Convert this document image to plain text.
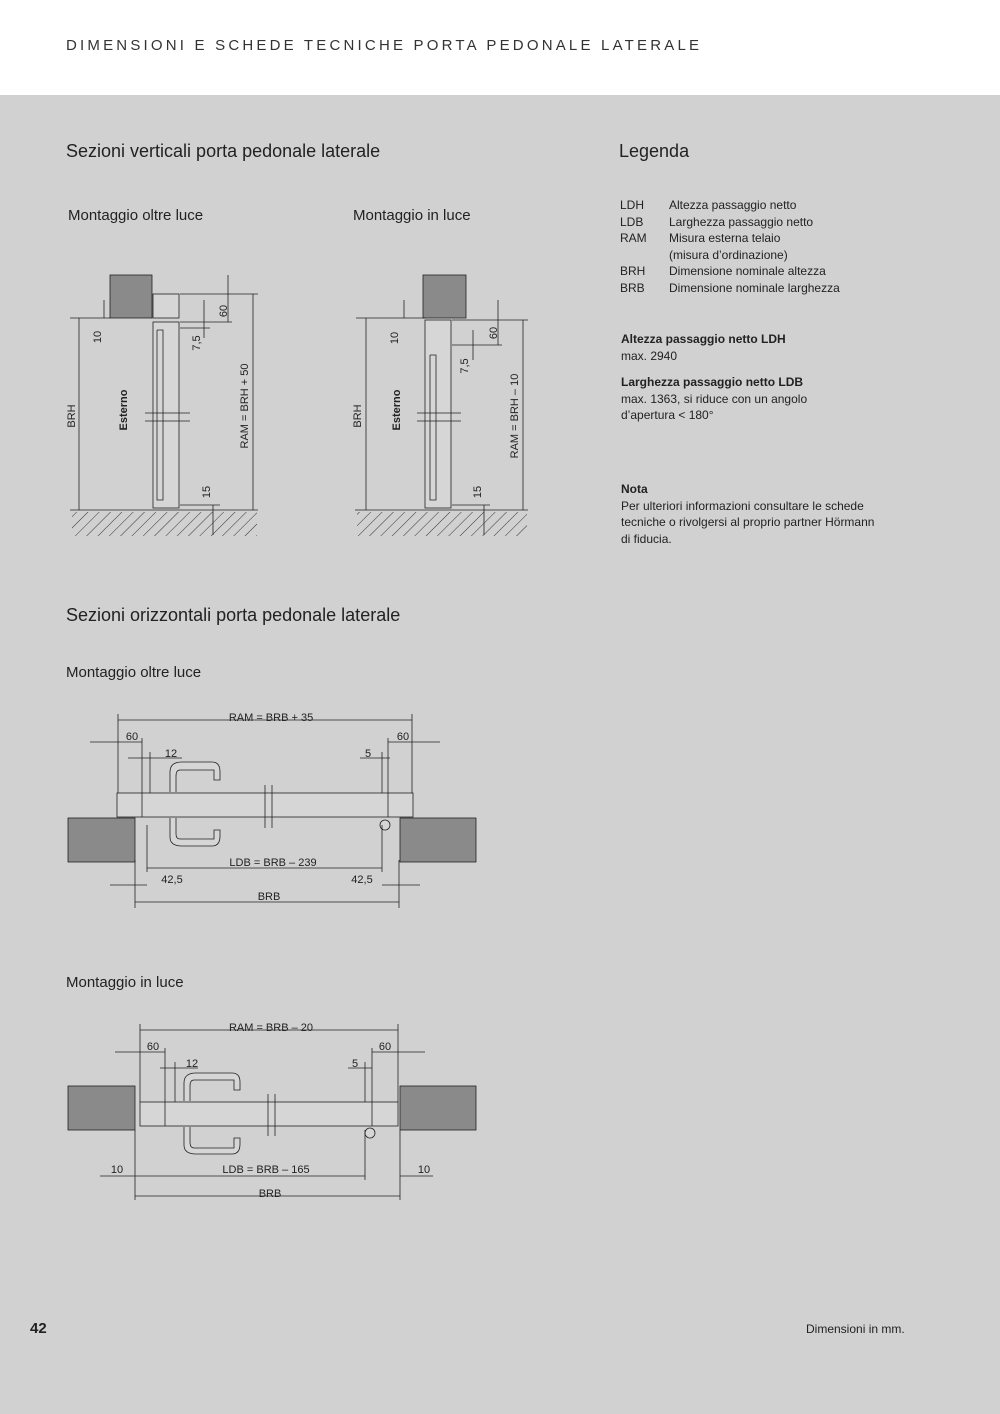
DIMENSIONI E SCHEDE TECNICHE PORTA PEDONALE LATERALE
Sezioni verticali porta pedonale laterale
Montaggio oltre luce	Montaggio in luce
BRH	Esterno
10	7,5
60
15
RAM = BRH + 50	BRH Esterno
10
7,5
60
15
RAM = BRH – 10
Legenda
LDH	Altezza passaggio netto
LDB	Larghezza passaggio netto
RAM	Misura esterna telaio
(misura d’ordinazione)
BRH	Dimensione nominale altezza
BRB	Dimensione nominale larghezza
Altezza passaggio netto LDH
max. 2940
Larghezza passaggio netto LDB
max. 1363, si riduce con un angolo
d’apertura < 180°
Nota
Per ulteriori informazioni consultare le schede
tecniche o rivolgersi al proprio partner Hörmann
di fiducia.
Sezioni orizzontali porta pedonale laterale
Montaggio oltre luce
Montaggio in luce
RAM = BRB + 35
60	60
12	5
LDB = BRB – 239
42,5	42,5
BRB
RAM = BRB – 20
60	60
12	5
LDB = BRB – 165
10	10
BRB
42	Dimensioni in mm.
